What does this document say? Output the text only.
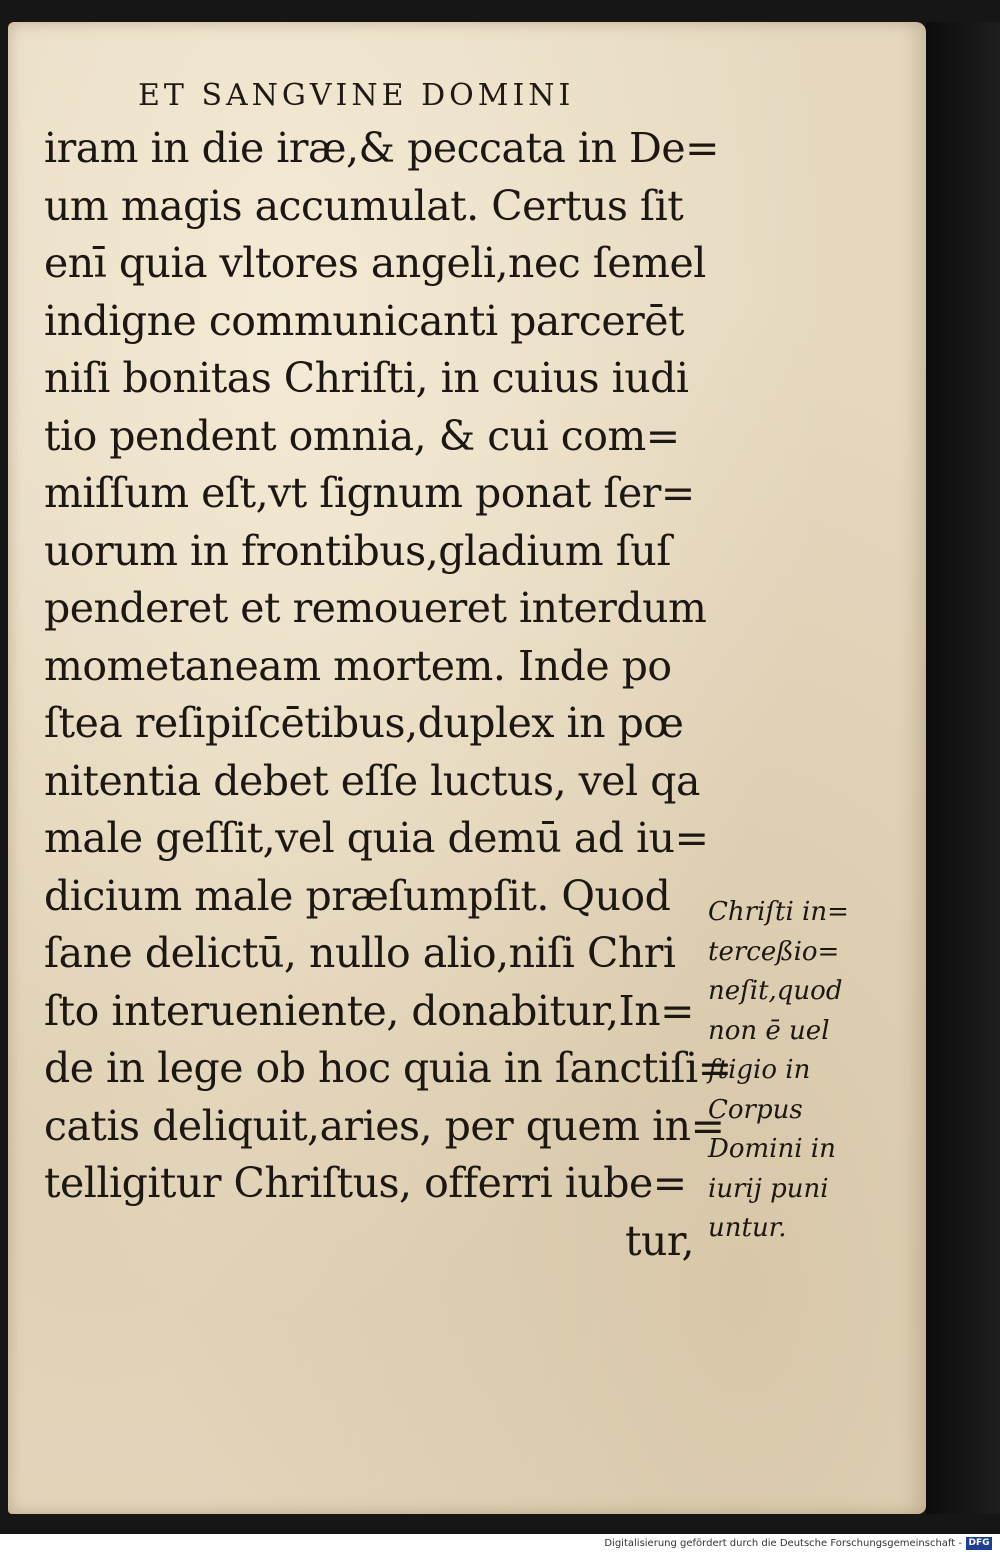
ET SANGVINE DOMINI
iram in die iræ,& peccata in De=
um magis accumulat. Certus ſit
enī quia vltores angeli,nec ſemel
indigne communicanti parcerēt
niſi bonitas Chriſti, in cuius iudi
tio pendent omnia, & cui com=
miſſum eſt,vt ſignum ponat ſer=
uorum in frontibus,gladium ſuſ
penderet et remoueret interdum
mometaneam mortem. Inde po
ſtea reſipiſcētibus,duplex in pœ
nitentia debet eſſe luctus, vel qa
male geſſit,vel quia demū ad iu=
dicium male præſumpſit. Quod
ſane delictū, nullo alio,niſi Chri
ſto interueniente, donabitur,In=
de in lege ob hoc quia in ſanctiſi=
catis deliquit,aries, per quem in=
telligitur Chriſtus, offerri iube=
tur,
Chriſti in=
terceßio=
neſit,quod
non ē uel
ſtigio in
Corpus
Domini in
iurij puni
untur.
Digitalisierung gefördert durch die Deutsche Forschungsgemeinschaft - DFG
